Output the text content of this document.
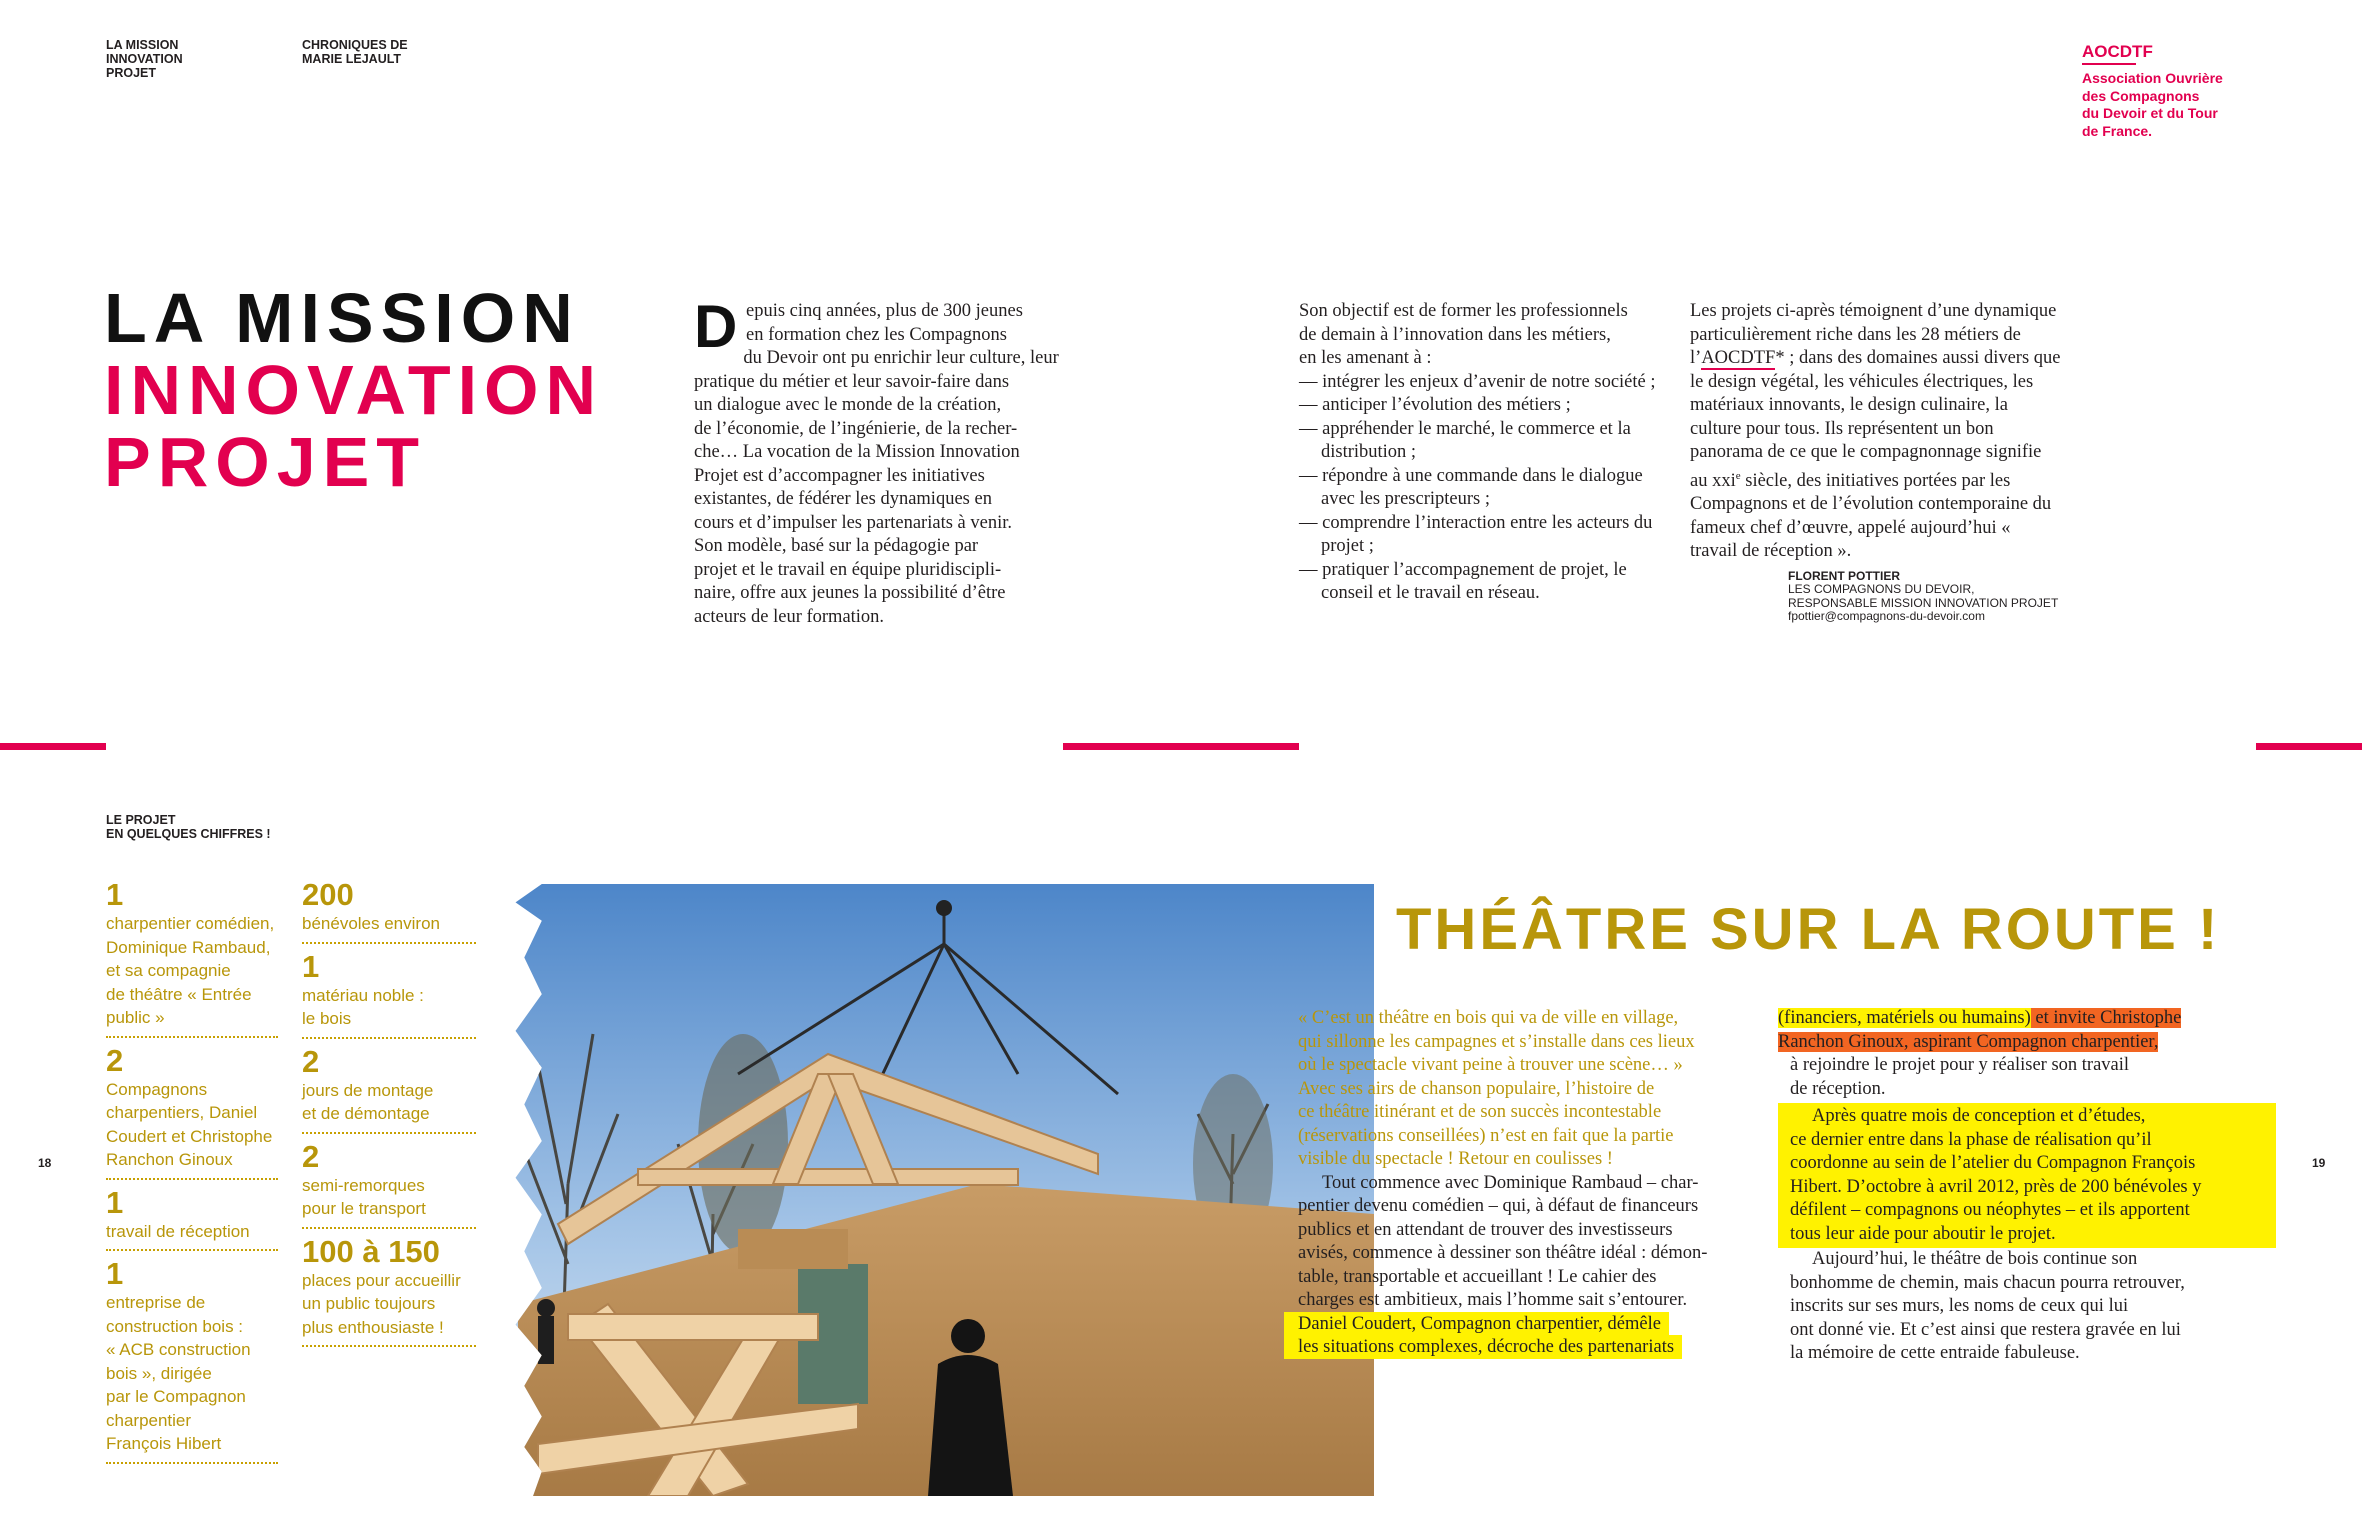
LA MISSION
INNOVATION
PROJET
CHRONIQUES DE
MARIE LEJAULT	AOCDTF
Association Ouvrière
des Compagnons
du Devoir et du Tour
de France.
LA MISSION
INNOVATION
PROJET
D epuis cinq années, plus de 300 jeunes
en formation chez les Compagnons
du Devoir ont pu enrichir leur culture, leur
pratique du métier et leur savoir-faire dans
un dialogue avec le monde de la création,
de l’économie, de l’ingénierie, de la recher-
che… La vocation de la Mission Innovation
Projet est d’accompagner les initiatives
existantes, de fédérer les dynamiques en
cours et d’impulser les partenariats à venir.
Son modèle, basé sur la pédagogie par
projet et le travail en équipe pluridiscipli-
naire, offre aux jeunes la possibilité d’être
acteurs de leur formation.
Son objectif est de former les professionnels
de demain à l’innovation dans les métiers,
en les amenant à :
— intégrer les enjeux d’avenir de notre société ;
— anticiper l’évolution des métiers ;
— appréhender le marché, le commerce et la distribution ;
— répondre à une commande dans le dialogue avec les prescripteurs ;
— comprendre l’interaction entre les acteurs du projet ;
— pratiquer l’accompagnement de projet, le conseil et le travail en réseau.

Les projets ci-après témoignent d’une dynamique particulièrement riche dans les 28 métiers de l’AOCDTF* ; dans des domaines aussi divers que le design végétal, les véhicules électriques, les matériaux innovants, le design culinaire, la culture pour tous. Ils représentent un bon panorama de ce que le compagnonnage signifie au xxi$^e$ siècle, des initiatives portées par les Compagnons et de l’évolution contemporaine du fameux chef d’œuvre, appelé aujourd’hui « travail de réception ».

FLORENT POTTIER
LES COMPAGNONS DU DEVOIR,
RESPONSABLE MISSION INNOVATION PROJET
fpottier@compagnons-du-devoir.com
LE PROJET
EN QUELQUES CHIFFRES !
1
charpentier comédien,
Dominique Rambaud,
et sa compagnie
de théâtre « Entrée
public »
2
Compagnons
charpentiers, Daniel
Coudert et Christophe
Ranchon Ginoux
1
travail de réception
1
entreprise de
construction bois :
« ACB construction
bois », dirigée
par le Compagnon
charpentier
François Hibert
200
bénévoles environ
1
matériau noble :
le bois
2
jours de montage
et de démontage
2
semi-remorques
pour le transport
100 à 150
places pour accueillir
un public toujours
plus enthousiaste !
THÉÂTRE SUR LA ROUTE !
« C’est un théâtre en bois qui va de ville en village,
qui sillonne les campagnes et s’installe dans ces lieux
où le spectacle vivant peine à trouver une scène… »
Avec ses airs de chanson populaire, l’histoire de
ce théâtre itinérant et de son succès incontestable
(réservations conseillées) n’est en fait que la partie
visible du spectacle ! Retour en coulisses !
Tout commence avec Dominique Rambaud – char-
pentier devenu comédien – qui, à défaut de financeurs
publics et en attendant de trouver des investisseurs
avisés, commence à dessiner son théâtre idéal : démon-
table, transportable et accueillant ! Le cahier des
charges est ambitieux, mais l’homme sait s’entourer.
Daniel Coudert, Compagnon charpentier, démêle
les situations complexes, décroche des partenariats
(financiers, matériels ou humains) et invite Christophe
Ranchon Ginoux, aspirant Compagnon charpentier,
à rejoindre le projet pour y réaliser son travail
de réception.
Après quatre mois de conception et d’études,
ce dernier entre dans la phase de réalisation qu’il
coordonne au sein de l’atelier du Compagnon François
Hibert. D’octobre à avril 2012, près de 200 bénévoles y
défilent – compagnons ou néophytes – et ils apportent
tous leur aide pour aboutir le projet.
Aujourd’hui, le théâtre de bois continue son
bonhomme de chemin, mais chacun pourra retrouver,
inscrits sur ses murs, les noms de ceux qui lui
ont donné vie. Et c’est ainsi que restera gravée en lui
la mémoire de cette entraide fabuleuse.
18	19
